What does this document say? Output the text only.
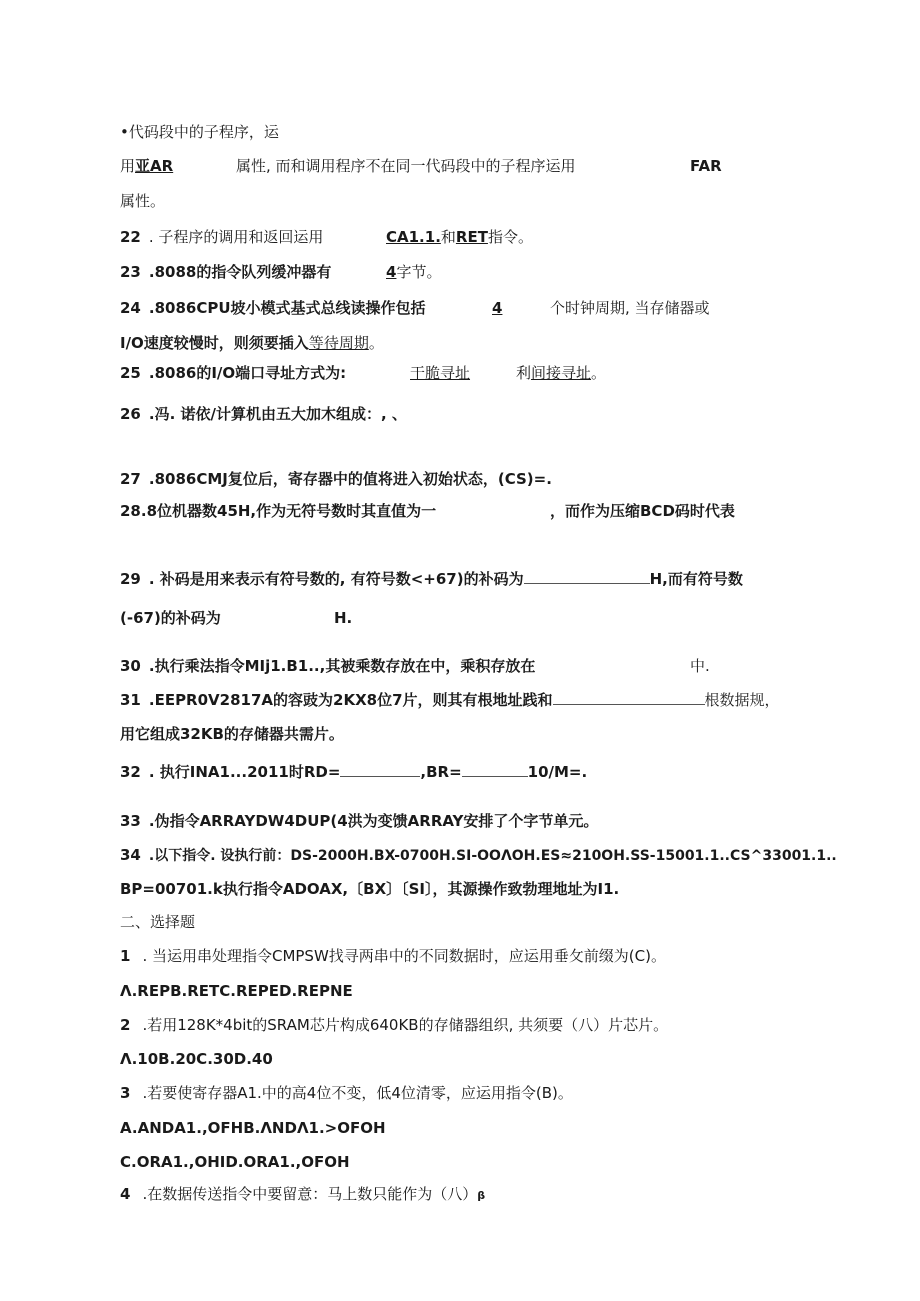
•代码段中的子程序，运
用亚AR	属性, 而和调用程序不在同一代码段中的子程序运用	FAR
属性。
22 . 子程序的调用和返回运用	CA1.1.和RET指令。
23 .8088的指令队列缓冲器有	4字节。
24 .8086CPU坡小模式基式总线读操作包括	4	个时钟周期, 当存储器或
I/O速度较慢时，则须要插入等待周期。
25 .8086的I/O端口寻址方式为:	干脆寻址	利间接寻址。
26 .冯. 诺依/计算机由五大加木组成：, 、
27 .8086CMJ复位后，寄存器中的值将进入初始状态，(CS)=.
28.8位机器数45H,作为无符号数时其直值为一	，而作为压缩BCD码时代表
29 . 补码是用来表示有符号数的, 有符号数<+67)的补码为	H,而有符号数
(-67)的补码为	H.
30 .执行乘法指令MIj1.B1..,其被乘数存放在中，乘积存放在	中.
31 .EEPR0V2817A的容豉为2KX8位7片，则其有根地址践和	根数据规，
用它组成32KB的存储器共需片。
32 . 执行INA1...2011时RD=	,BR=	10/M=.
33 .伪指令ARRAYDW4DUP(4洪为变馈ARRAY安排了个字节单元。
34 .以下指令. 设执行前：DS-2000H.BX-0700H.SI-OOΛOH.ES≈210OH.SS-15001.1..CS^33001.1..
BP=00701.k执行指令ADOAX,〔BX〕〔SI〕，其源操作致勃理地址为I1.
二、选择题
1 . 当运用串处理指令CMPSW找寻两串中的不同数据时，应运用垂攵前缀为(C)。
Λ.REPB.RETC.REPED.REPNE
2 .若用128K*4bit的SRAM芯片构成640KB的存储器组织, 共须要（八）片芯片。
Λ.10B.20C.30D.40
3 .若要使寄存器A1.中的高4位不变，低4位清零，应运用指令(B)。
A.ANDA1.,OFHB.ΛNDΛ1.>OFOH
C.ORA1.,OHID.ORA1.,OFOH
4 .在数据传送指令中要留意：马上数只能作为（八）β
